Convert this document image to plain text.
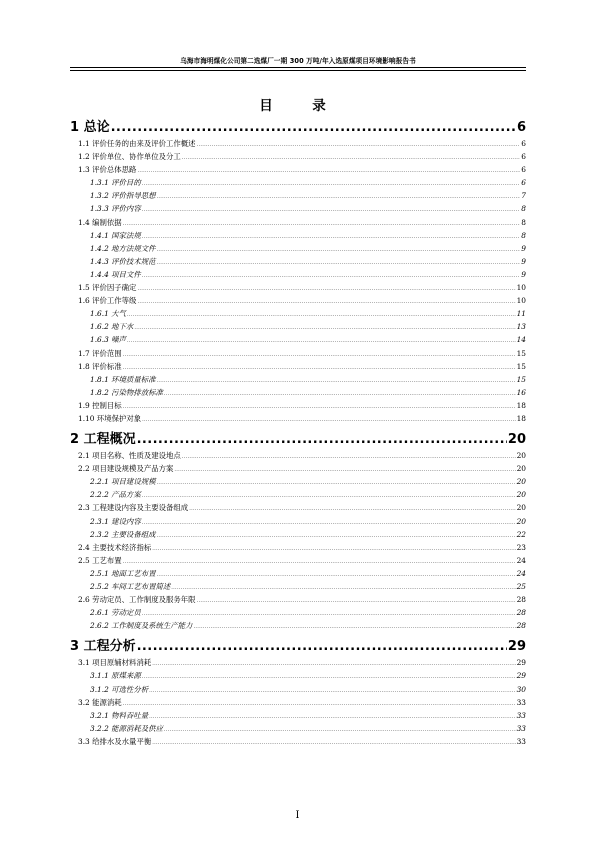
乌海市海明煤化公司第二选煤厂一期 300 万吨/年入选原煤项目环境影响报告书
目  录
1 总论 .....	6
1.1 评价任务的由来及评价工作概述 .....	6
1.2 评价单位、协作单位及分工 .....	6
1.3 评价总体思路 .....	6
1.3.1 评价目的 .....	6
1.3.2 评价指导思想 .....	7
1.3.3 评价内容 .....	8
1.4 编制依据 .....	8
1.4.1 国家法规 .....	8
1.4.2 地方法规文件 .....	9
1.4.3 评价技术规范 .....	9
1.4.4 项目文件 .....	9
1.5 评价因子确定 .....	10
1.6 评价工作等级 .....	10
1.6.1 大气 .....	11
1.6.2 地下水 .....	13
1.6.3 噪声 .....	14
1.7 评价范围 .....	15
1.8 评价标准 .....	15
1.8.1 环境质量标准 .....	15
1.8.2 污染物排放标准 .....	16
1.9 控制目标 .....	18
1.10 环境保护对象 .....	18
2 工程概况 .....	20
2.1 项目名称、性质及建设地点 .....	20
2.2 项目建设规模及产品方案 .....	20
2.2.1 项目建设规模 .....	20
2.2.2 产品方案 .....	20
2.3 工程建设内容及主要设备组成 .....	20
2.3.1 建设内容 .....	20
2.3.2 主要设备组成 .....	22
2.4 主要技术经济指标 .....	23
2.5 工艺布置 .....	24
2.5.1 地面工艺布置 .....	24
2.5.2 车间工艺布置简述 .....	25
2.6 劳动定员、工作制度及服务年限 .....	28
2.6.1 劳动定员 .....	28
2.6.2 工作制度及系统生产能力 .....	28
3 工程分析 .....	29
3.1 项目原辅材料消耗 .....	29
3.1.1 原煤来源 .....	29
3.1.2 可选性分析 .....	30
3.2 能源消耗 .....	33
3.2.1 物料吞吐量 .....	33
3.2.2 能源消耗及供应 .....	33
3.3 给排水及水量平衡 .....	33
I
